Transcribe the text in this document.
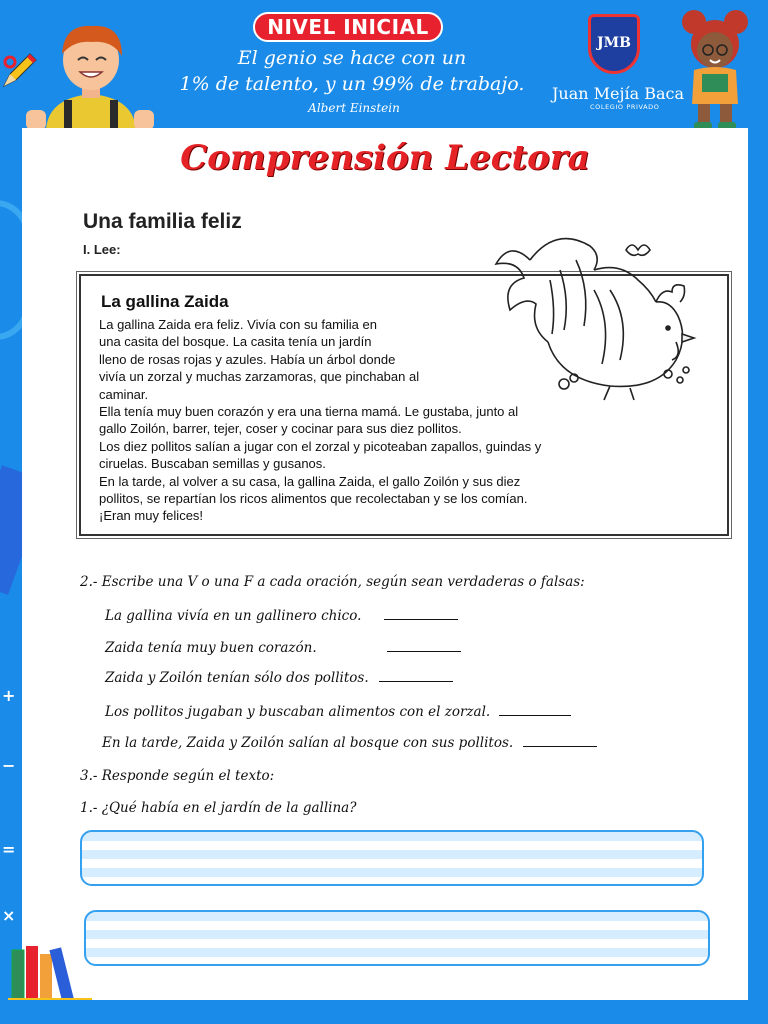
+
−
=
×
NIVEL INICIAL
El genio se hace con un
1% de talento, y un 99% de trabajo.
Albert Einstein
JMB
Juan Mejía Baca
COLEGIO PRIVADO
Comprensión Lectora
Una familia feliz
I. Lee:
La gallina Zaida
La gallina Zaida era feliz. Vivía con su familia en
una casita del bosque. La casita tenía un jardín
lleno de rosas rojas y azules. Había un árbol donde
vivía un zorzal y muchas zarzamoras, que pinchaban al
caminar.
Ella tenía muy buen corazón y era una tierna mamá. Le gustaba, junto al
gallo Zoilón, barrer, tejer, coser y cocinar para sus diez pollitos.
Los diez pollitos salían a jugar con el zorzal y picoteaban zapallos, guindas y
ciruelas. Buscaban semillas y gusanos.
En la tarde, al volver a su casa, la gallina Zaida, el gallo Zoilón y sus diez
pollitos, se repartían los ricos alimentos que recolectaban y se los comían.
¡Eran muy felices!
2.- Escribe una V o una F a cada oración, según sean verdaderas o falsas:
La gallina vivía en un gallinero chico.
Zaida tenía muy buen corazón.
Zaida y Zoilón tenían sólo dos pollitos.
Los pollitos jugaban y buscaban alimentos con el zorzal.
En la tarde, Zaida y Zoilón salían al bosque con sus pollitos.
3.- Responde según el texto:
1.- ¿Qué había en el jardín de la gallina?
